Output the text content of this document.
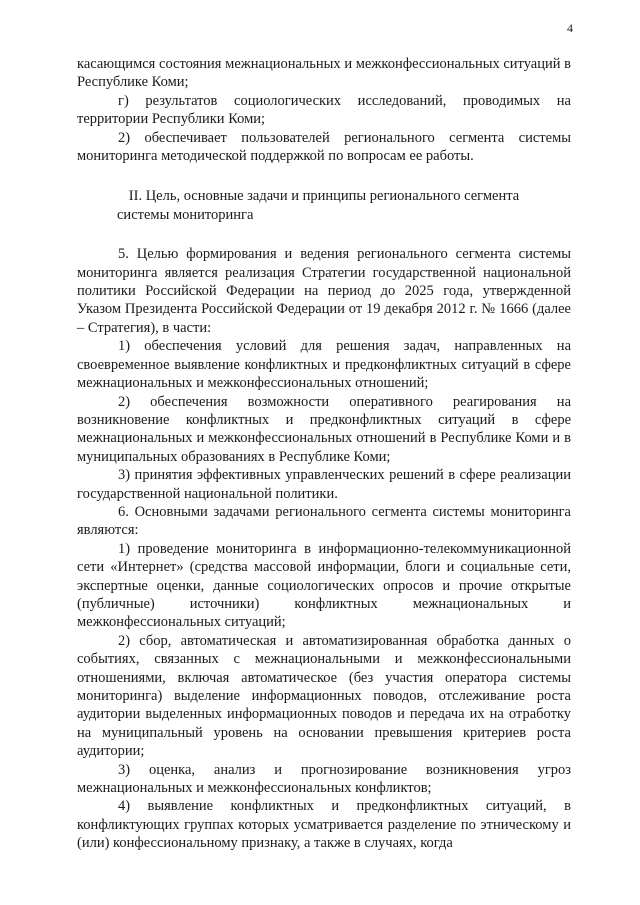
4

касающимся состояния межнациональных и межконфессиональных ситуаций в Республике Коми;

г) результатов социологических исследований, проводимых на территории Республики Коми;

2) обеспечивает пользователей регионального сегмента системы мониторинга методической поддержкой по вопросам ее работы.

II. Цель, основные задачи и принципы регионального сегмента системы мониторинга

5. Целью формирования и ведения регионального сегмента системы мониторинга является реализация Стратегии государственной национальной политики Российской Федерации на период до 2025 года, утвержденной Указом Президента Российской Федерации от 19 декабря 2012 г. № 1666 (далее – Стратегия), в части:

1) обеспечения условий для решения задач, направленных на своевременное выявление конфликтных и предконфликтных ситуаций в сфере межнациональных и межконфессиональных отношений;

2) обеспечения возможности оперативного реагирования на возникновение конфликтных и предконфликтных ситуаций в сфере межнациональных и межконфессиональных отношений в Республике Коми и в муниципальных образованиях в Республике Коми;

3) принятия эффективных управленческих решений в сфере реализации государственной национальной политики.

6. Основными задачами регионального сегмента системы мониторинга являются:

1) проведение мониторинга в информационно-телекоммуникационной сети «Интернет» (средства массовой информации, блоги и социальные сети, экспертные оценки, данные социологических опросов и прочие открытые (публичные) источники) конфликтных межнациональных и межконфессиональных ситуаций;

2) сбор, автоматическая и автоматизированная обработка данных о событиях, связанных с межнациональными и межконфессиональными отношениями, включая автоматическое (без участия оператора системы мониторинга) выделение информационных поводов, отслеживание роста аудитории выделенных информационных поводов и передача их на отработку на муниципальный уровень на основании превышения критериев роста аудитории;

3) оценка, анализ и прогнозирование возникновения угроз межнациональных и межконфессиональных конфликтов;

4) выявление конфликтных и предконфликтных ситуаций, в конфликтующих группах которых усматривается разделение по этническому и (или) конфессиональному признаку, а также в случаях, когда
